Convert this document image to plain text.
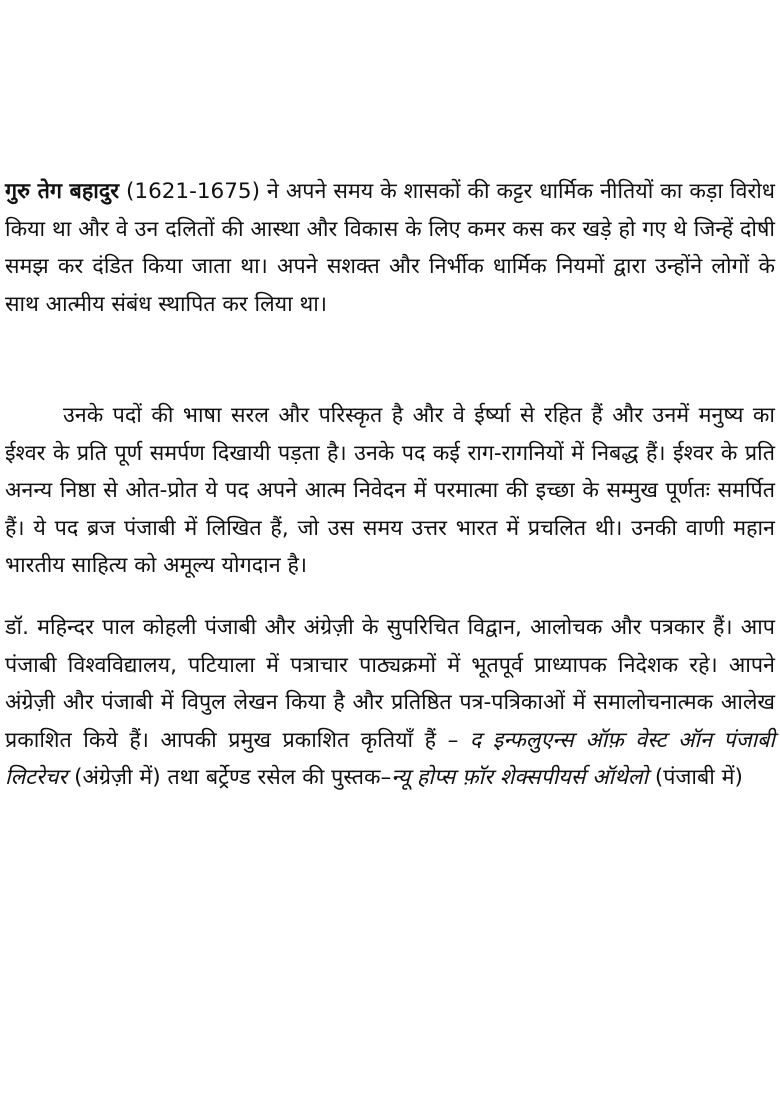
गुरु तेग बहादुर (1621-1675) ने अपने समय के शासकों की कट्टर धार्मिक नीतियों का कड़ा विरोध किया था और वे उन दलितों की आस्था और विकास के लिए कमर कस कर खड़े हो गए थे जिन्हें दोषी समझ कर दंडित किया जाता था। अपने सशक्त और निर्भीक धार्मिक नियमों द्वारा उन्होंने लोगों के साथ आत्मीय संबंध स्थापित कर लिया था।

उनके पदों की भाषा सरल और परिस्कृत है और वे ईर्ष्या से रहित हैं और उनमें मनुष्य का ईश्वर के प्रति पूर्ण समर्पण दिखायी पड़ता है। उनके पद कई राग-रागनियों में निबद्ध हैं। ईश्वर के प्रति अनन्य निष्ठा से ओत-प्रोत ये पद अपने आत्म निवेदन में परमात्मा की इच्छा के सम्मुख पूर्णतः समर्पित हैं। ये पद ब्रज पंजाबी में लिखित हैं, जो उस समय उत्तर भारत में प्रचलित थी। उनकी वाणी महान भारतीय साहित्य को अमूल्य योगदान है।

डॉ. महिन्दर पाल कोहली पंजाबी और अंग्रेज़ी के सुपरिचित विद्वान, आलोचक और पत्रकार हैं। आप पंजाबी विश्वविद्यालय, पटियाला में पत्राचार पाठ्यक्रमों में भूतपूर्व प्राध्यापक निदेशक रहे। आपने अंग्रेज़ी और पंजाबी में विपुल लेखन किया है और प्रतिष्ठित पत्र-पत्रिकाओं में समालोचनात्मक आलेख प्रकाशित किये हैं। आपकी प्रमुख प्रकाशित कृतियाँ हैं – द इन्फलुएन्स ऑफ़ वेस्ट ऑन पंजाबी लिटरेचर (अंग्रेज़ी में) तथा बर्ट्रेण्ड रसेल की पुस्तक–न्यू होप्स फ़ॉर शेक्सपीयर्स ऑथेलो (पंजाबी में)
